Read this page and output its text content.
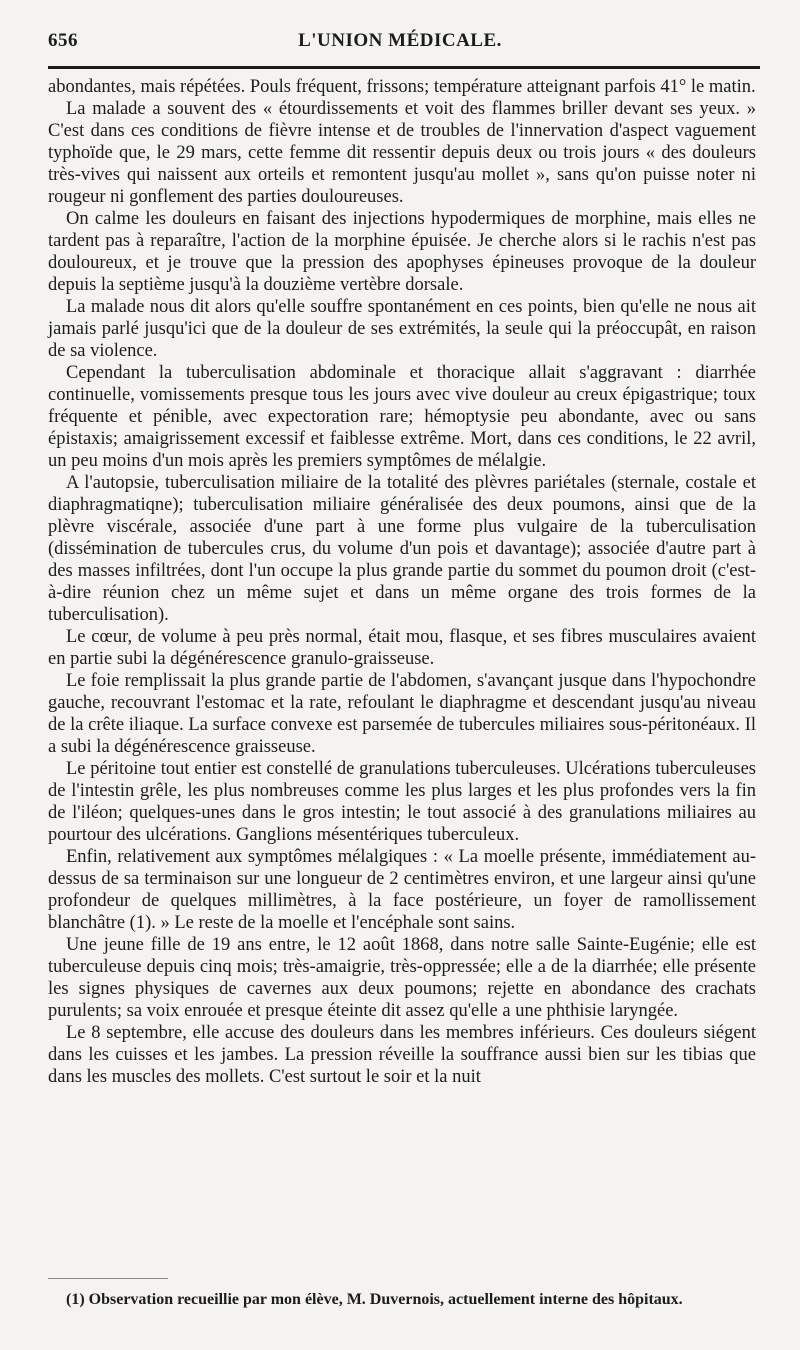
656	L'UNION MÉDICALE.

abondantes, mais répétées. Pouls fréquent, frissons; température atteignant parfois 41° le matin.

La malade a souvent des « étourdissements et voit des flammes briller devant ses yeux. » C'est dans ces conditions de fièvre intense et de troubles de l'innervation d'aspect vaguement typhoïde que, le 29 mars, cette femme dit ressentir depuis deux ou trois jours « des douleurs très-vives qui naissent aux orteils et remontent jusqu'au mollet », sans qu'on puisse noter ni rougeur ni gonflement des parties douloureuses.

On calme les douleurs en faisant des injections hypodermiques de morphine, mais elles ne tardent pas à reparaître, l'action de la morphine épuisée. Je cherche alors si le rachis n'est pas douloureux, et je trouve que la pression des apophyses épineuses provoque de la douleur depuis la septième jusqu'à la douzième vertèbre dorsale.

La malade nous dit alors qu'elle souffre spontanément en ces points, bien qu'elle ne nous ait jamais parlé jusqu'ici que de la douleur de ses extrémités, la seule qui la préoccupât, en raison de sa violence.

Cependant la tuberculisation abdominale et thoracique allait s'aggravant : diarrhée continuelle, vomissements presque tous les jours avec vive douleur au creux épigastrique; toux fréquente et pénible, avec expectoration rare; hémoptysie peu abondante, avec ou sans épistaxis; amaigrissement excessif et faiblesse extrême. Mort, dans ces conditions, le 22 avril, un peu moins d'un mois après les premiers symptômes de mélalgie.

A l'autopsie, tuberculisation miliaire de la totalité des plèvres pariétales (sternale, costale et diaphragmatiqne); tuberculisation miliaire généralisée des deux poumons, ainsi que de la plèvre viscérale, associée d'une part à une forme plus vulgaire de la tuberculisation (dissémination de tubercules crus, du volume d'un pois et davantage); associée d'autre part à des masses infiltrées, dont l'un occupe la plus grande partie du sommet du poumon droit (c'est-à-dire réunion chez un même sujet et dans un même organe des trois formes de la tuberculisation).

Le cœur, de volume à peu près normal, était mou, flasque, et ses fibres musculaires avaient en partie subi la dégénérescence granulo-graisseuse.

Le foie remplissait la plus grande partie de l'abdomen, s'avançant jusque dans l'hypochondre gauche, recouvrant l'estomac et la rate, refoulant le diaphragme et descendant jusqu'au niveau de la crête iliaque. La surface convexe est parsemée de tubercules miliaires sous-péritonéaux. Il a subi la dégénérescence graisseuse.

Le péritoine tout entier est constellé de granulations tuberculeuses. Ulcérations tuberculeuses de l'intestin grêle, les plus nombreuses comme les plus larges et les plus profondes vers la fin de l'iléon; quelques-unes dans le gros intestin; le tout associé à des granulations miliaires au pourtour des ulcérations. Ganglions mésentériques tuberculeux.

Enfin, relativement aux symptômes mélalgiques : « La moelle présente, immédiatement au-dessus de sa terminaison sur une longueur de 2 centimètres environ, et une largeur ainsi qu'une profondeur de quelques millimètres, à la face postérieure, un foyer de ramollissement blanchâtre (1). » Le reste de la moelle et l'encéphale sont sains.

Une jeune fille de 19 ans entre, le 12 août 1868, dans notre salle Sainte-Eugénie; elle est tuberculeuse depuis cinq mois; très-amaigrie, très-oppressée; elle a de la diarrhée; elle présente les signes physiques de cavernes aux deux poumons; rejette en abondance des crachats purulents; sa voix enrouée et presque éteinte dit assez qu'elle a une phthisie laryngée.

Le 8 septembre, elle accuse des douleurs dans les membres inférieurs. Ces douleurs siégent dans les cuisses et les jambes. La pression réveille la souffrance aussi bien sur les tibias que dans les muscles des mollets. C'est surtout le soir et la nuit

(1) Observation recueillie par mon élève, M. Duvernois, actuellement interne des hôpitaux.
